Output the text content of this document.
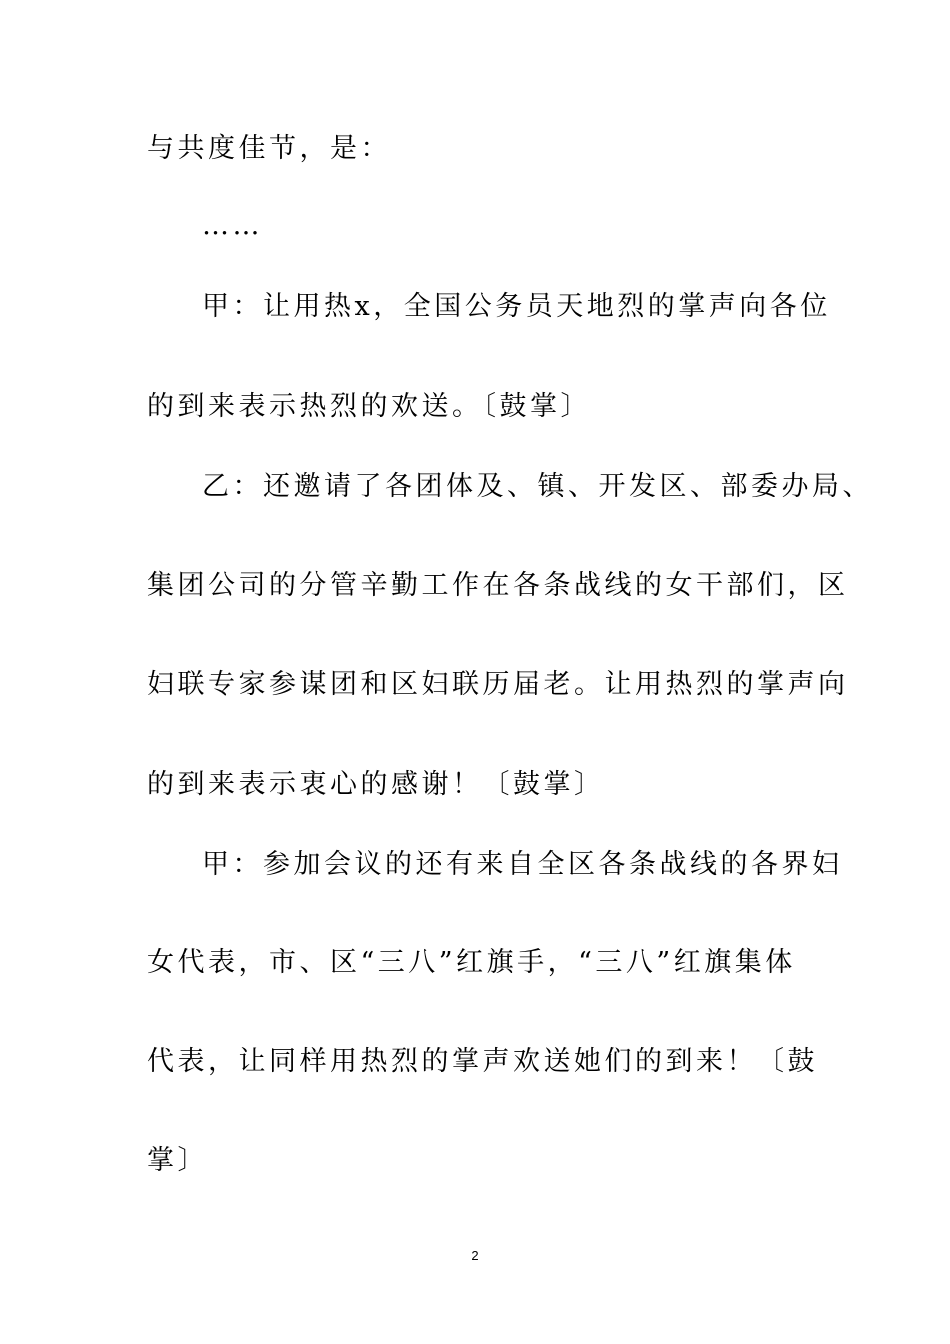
与共度佳节，是：
……
甲：让用热x，全国公务员天地烈的掌声向各位
的到来表示热烈的欢送。〔鼓掌〕
乙：还邀请了各团体及、镇、开发区、部委办局、
集团公司的分管辛勤工作在各条战线的女干部们，区
妇联专家参谋团和区妇联历届老。让用热烈的掌声向
的到来表示衷心的感谢！〔鼓掌〕
甲：参加会议的还有来自全区各条战线的各界妇
女代表，市、区“三八”红旗手，“三八”红旗集体
代表，让同样用热烈的掌声欢送她们的到来！〔鼓
掌〕
2
